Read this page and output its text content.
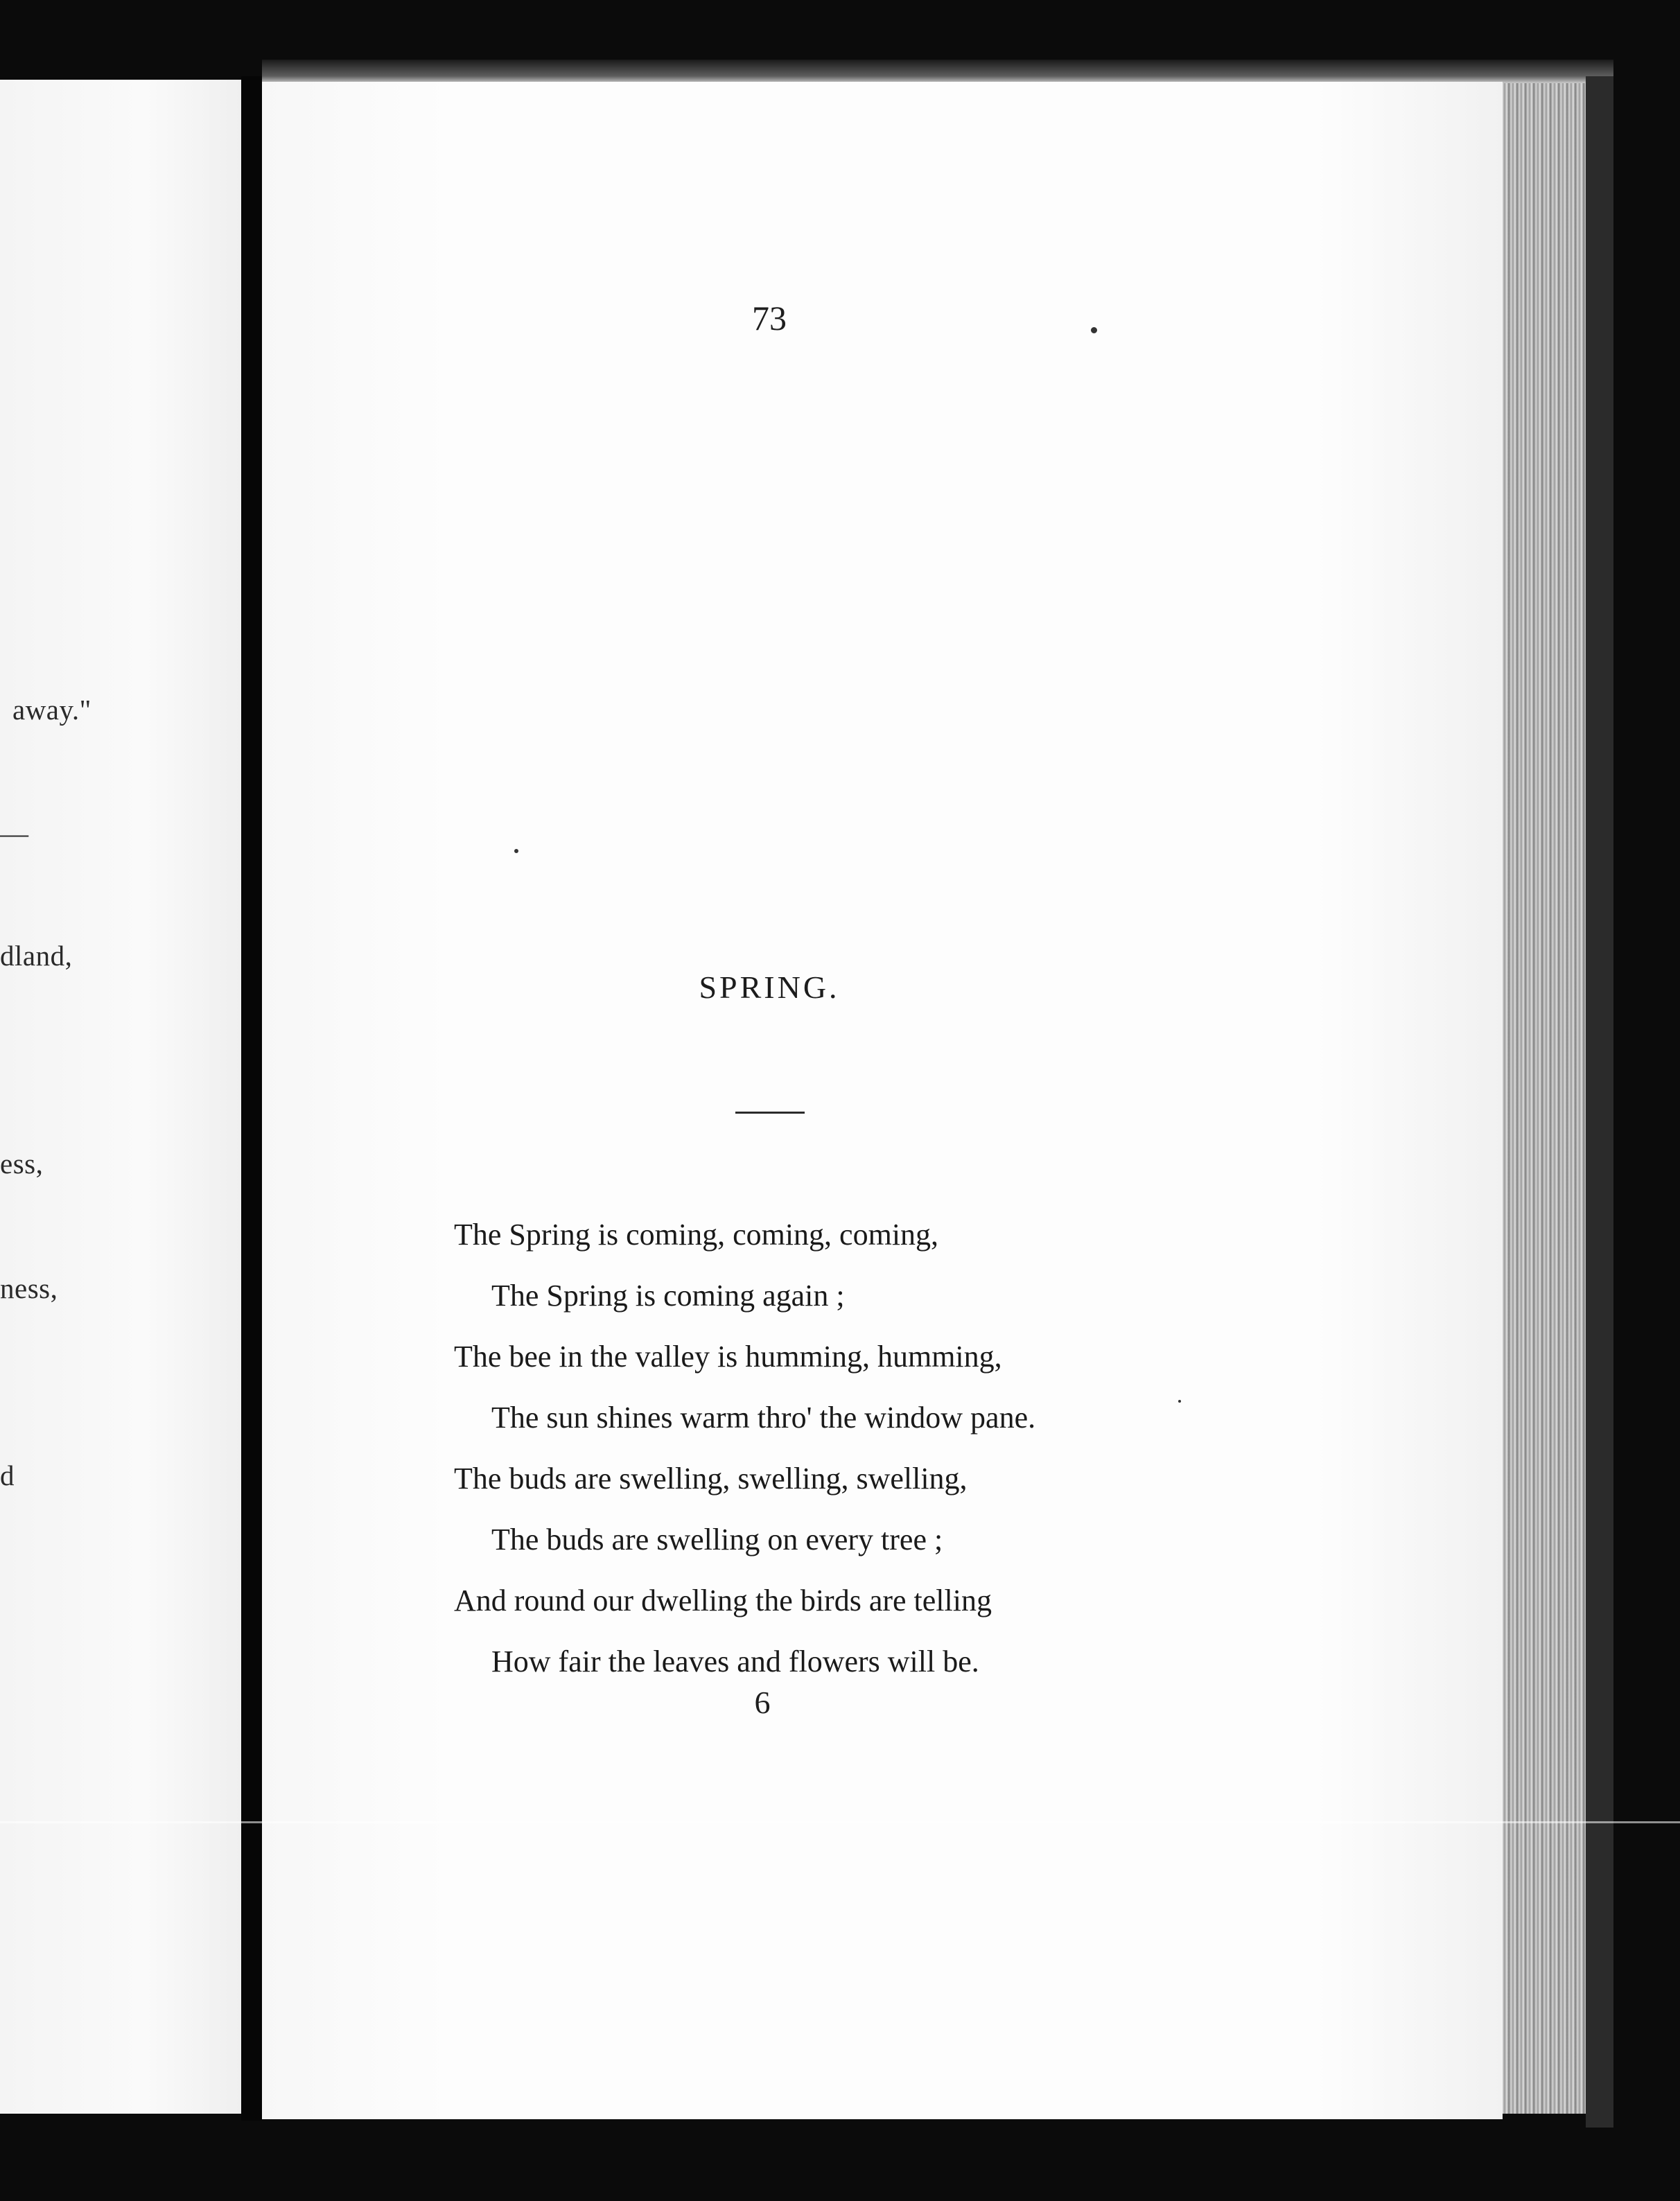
away."
—
dland,
ess,
ness,
d
73
SPRING.
The Spring is coming, coming, coming,
The Spring is coming again ;
The bee in the valley is humming, humming,
The sun shines warm thro' the window pane.
The buds are swelling, swelling, swelling,
The buds are swelling on every tree ;
And round our dwelling the birds are telling
How fair the leaves and flowers will be.
6
